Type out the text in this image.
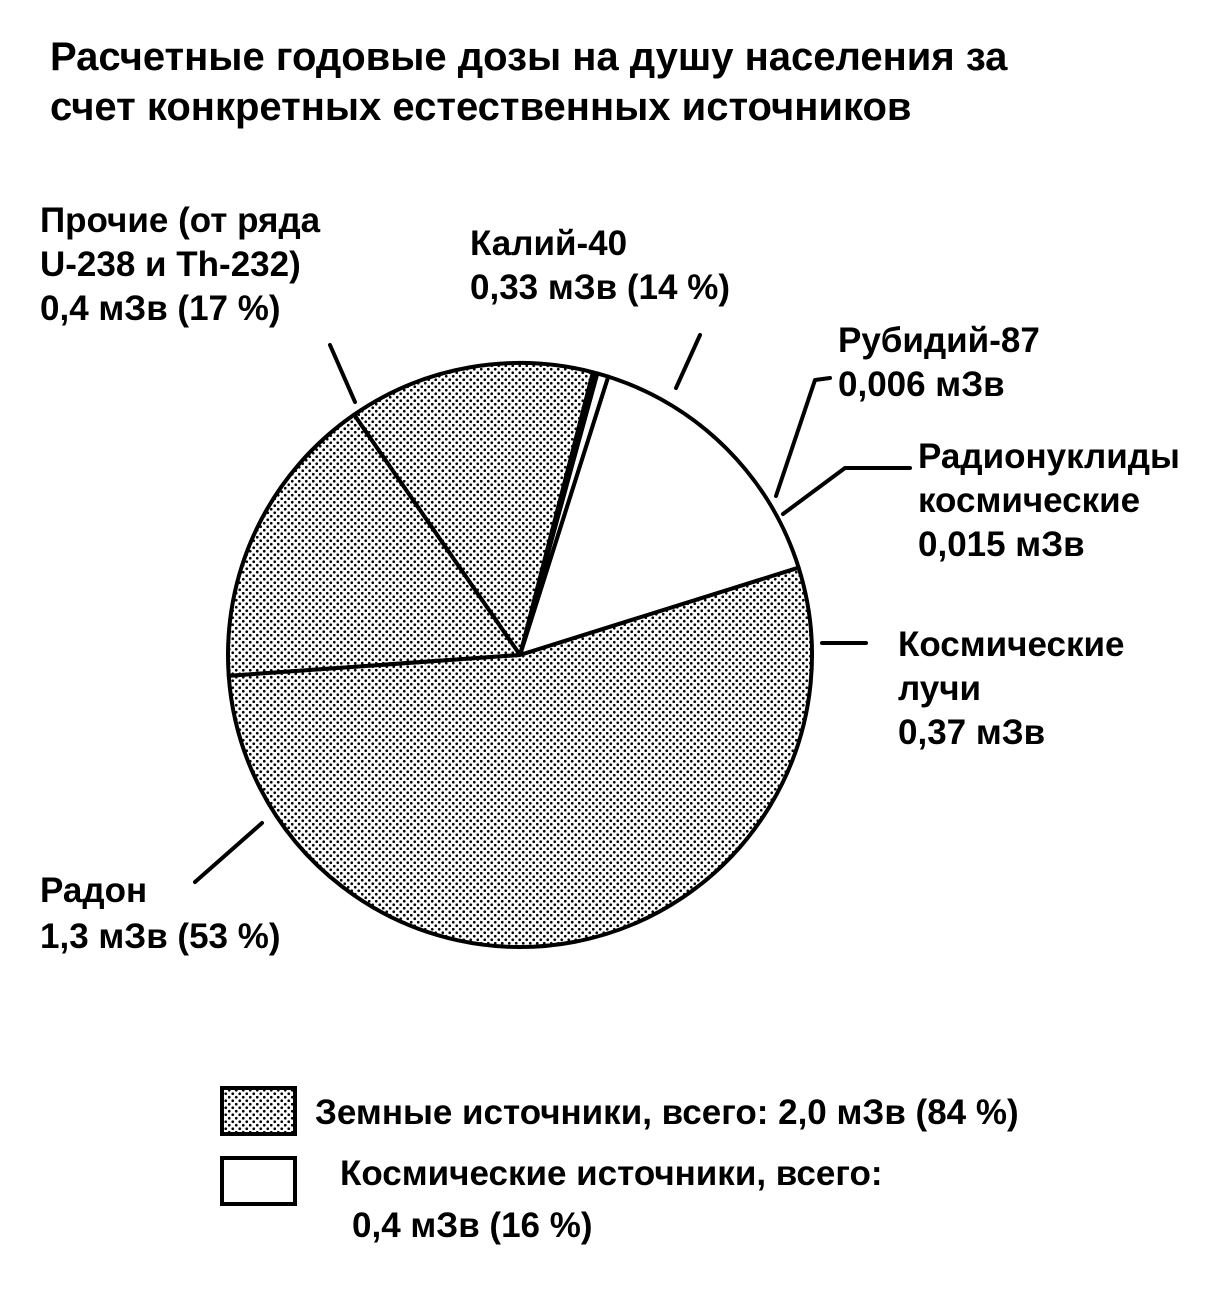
Расчетные годовые дозы на душу населения за счет конкретных естественных источников
Космические лучи 0,37 мЗв
Радионуклиды космические 0,015 мЗв
Рубидий-87 0,006 мЗв
Калий-40 0,33 мЗв (14 %)
Прочие (от ряда U-238 и Th-232) 0,4 мЗв (17 %)
Радон 1,3 мЗв (53 %)
Земные источники, всего: 2,0 мЗв (84 %)
Космические источники, всего: 0,4 мЗв (16 %)
